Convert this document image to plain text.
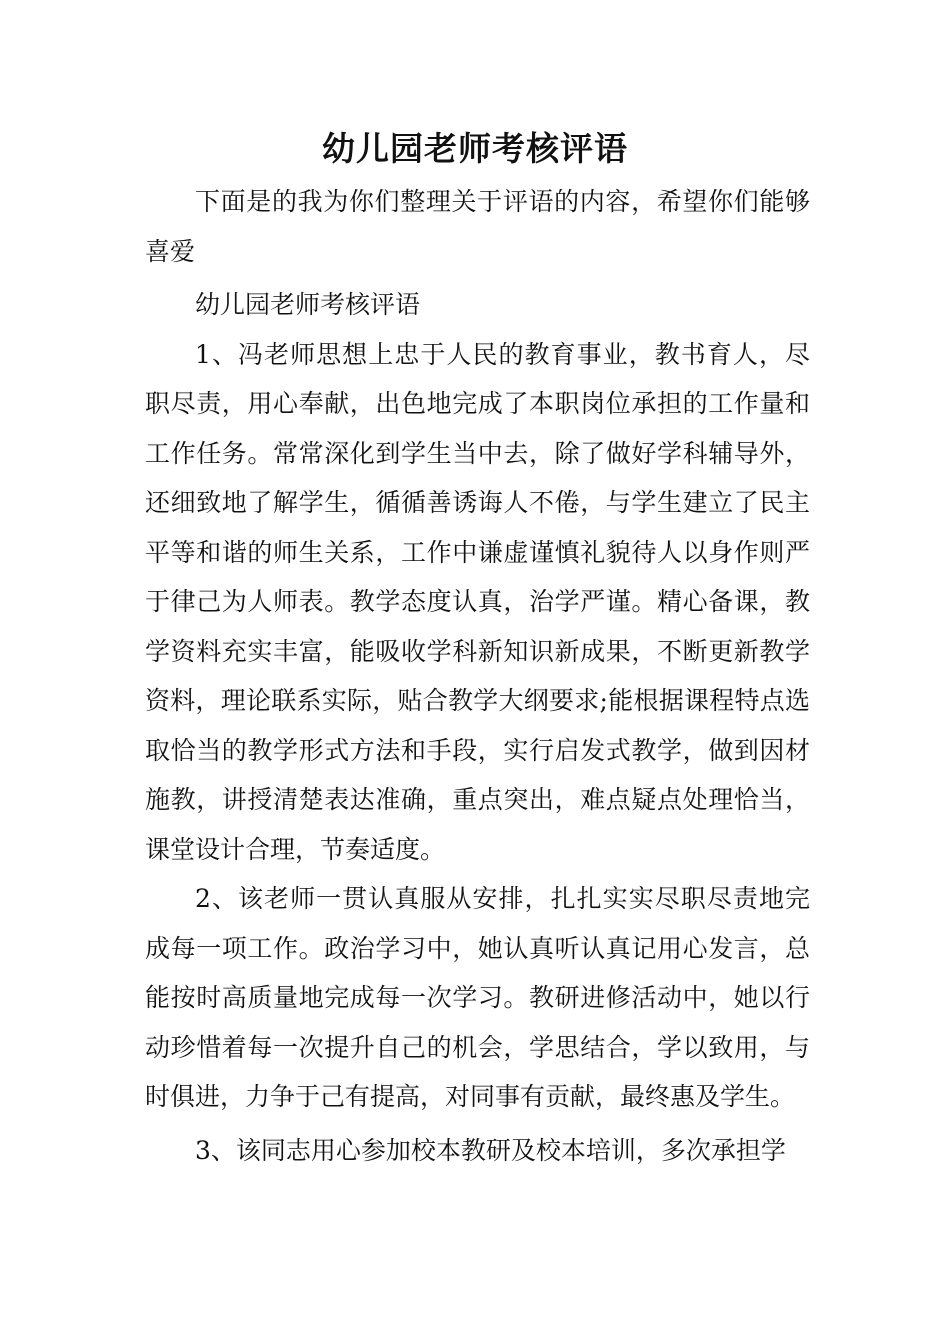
幼儿园老师考核评语

下面是的我为你们整理关于评语的内容，希望你们能够喜爱

幼儿园老师考核评语

1、冯老师思想上忠于人民的教育事业，教书育人，尽职尽责，用心奉献，出色地完成了本职岗位承担的工作量和工作任务。常常深化到学生当中去，除了做好学科辅导外，还细致地了解学生，循循善诱诲人不倦，与学生建立了民主平等和谐的师生关系，工作中谦虚谨慎礼貌待人以身作则严于律己为人师表。教学态度认真，治学严谨。精心备课，教学资料充实丰富，能吸收学科新知识新成果，不断更新教学资料，理论联系实际，贴合教学大纲要求;能根据课程特点选取恰当的教学形式方法和手段，实行启发式教学，做到因材施教，讲授清楚表达准确，重点突出，难点疑点处理恰当，课堂设计合理，节奏适度。

2、该老师一贯认真服从安排，扎扎实实尽职尽责地完成每一项工作。政治学习中，她认真听认真记用心发言，总能按时高质量地完成每一次学习。教研进修活动中，她以行动珍惜着每一次提升自己的机会，学思结合，学以致用，与时俱进，力争于己有提高，对同事有贡献，最终惠及学生。

3、该同志用心参加校本教研及校本培训，多次承担学
